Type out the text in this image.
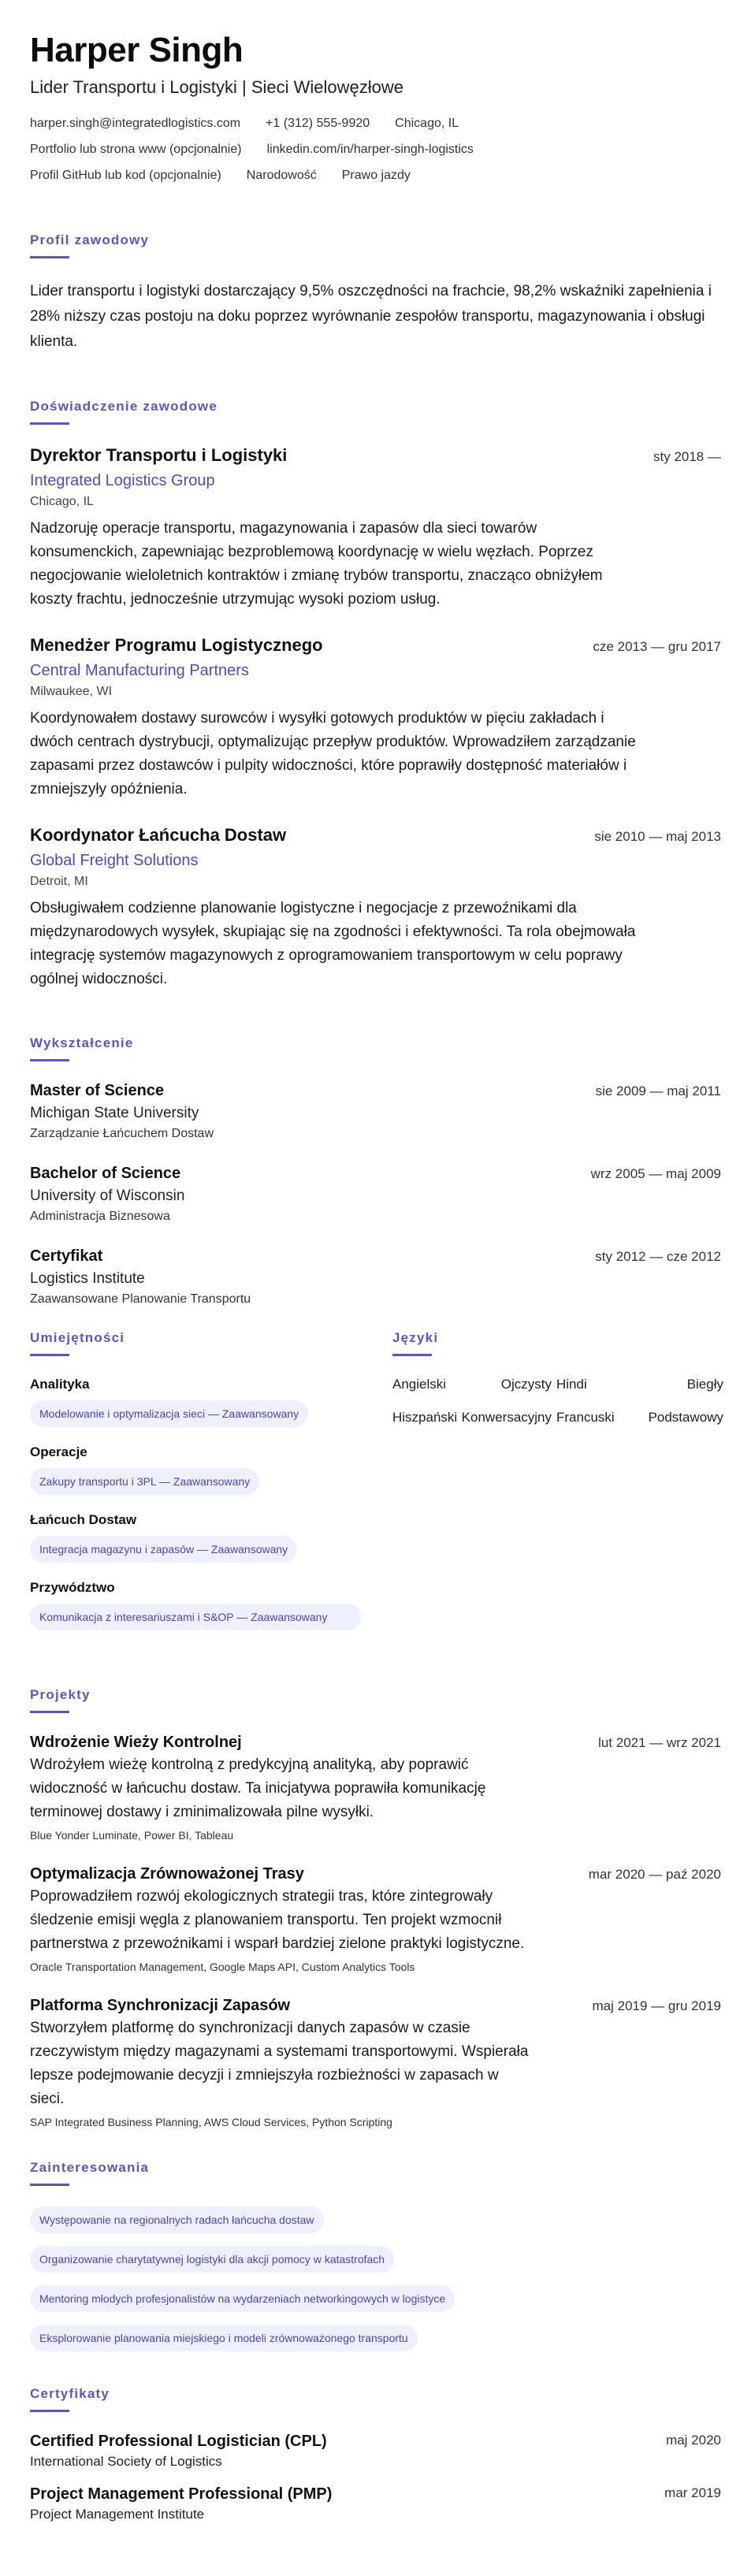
Harper Singh
Lider Transportu i Logistyki | Sieci Wielowęzłowe
harper.singh@integratedlogistics.com +1 (312) 555-9920 Chicago, IL
Portfolio lub strona www (opcjonalnie) linkedin.com/in/harper-singh-logistics
Profil GitHub lub kod (opcjonalnie) Narodowość Prawo jazdy
Profil zawodowy
Lider transportu i logistyki dostarczający 9,5% oszczędności na frachcie, 98,2% wskaźniki zapełnienia i 28% niższy czas postoju na doku poprzez wyrównanie zespołów transportu, magazynowania i obsługi klienta.
Doświadczenie zawodowe
Dyrektor Transportu i Logistyki	sty 2018 —
Integrated Logistics Group
Chicago, IL
Nadzoruję operacje transportu, magazynowania i zapasów dla sieci towarów konsumenckich, zapewniając bezproblemową koordynację w wielu węzłach. Poprzez negocjowanie wieloletnich kontraktów i zmianę trybów transportu, znacząco obniżyłem koszty frachtu, jednocześnie utrzymując wysoki poziom usług.
Menedżer Programu Logistycznego	cze 2013 — gru 2017
Central Manufacturing Partners
Milwaukee, WI
Koordynowałem dostawy surowców i wysyłki gotowych produktów w pięciu zakładach i dwóch centrach dystrybucji, optymalizując przepływ produktów. Wprowadziłem zarządzanie zapasami przez dostawców i pulpity widoczności, które poprawiły dostępność materiałów i zmniejszyły opóźnienia.
Koordynator Łańcucha Dostaw	sie 2010 — maj 2013
Global Freight Solutions
Detroit, MI
Obsługiwałem codzienne planowanie logistyczne i negocjacje z przewoźnikami dla międzynarodowych wysyłek, skupiając się na zgodności i efektywności. Ta rola obejmowała integrację systemów magazynowych z oprogramowaniem transportowym w celu poprawy ogólnej widoczności.
Wykształcenie
Master of Science	sie 2009 — maj 2011
Michigan State University
Zarządzanie Łańcuchem Dostaw
Bachelor of Science	wrz 2005 — maj 2009
University of Wisconsin
Administracja Biznesowa
Certyfikat	sty 2012 — cze 2012
Logistics Institute
Zaawansowane Planowanie Transportu
Umiejętności
Analityka
Modelowanie i optymalizacja sieci — Zaawansowany
Operacje
Zakupy transportu i 3PL — Zaawansowany
Łańcuch Dostaw
Integracja magazynu i zapasów — Zaawansowany
Przywództwo
Komunikacja z interesariuszami i S&OP — Zaawansowany
Języki
Angielski	Ojczysty Hindi	Biegły
Hiszpański Konwersacyjny Francuski	Podstawowy
Projekty
Wdrożenie Wieży Kontrolnej	lut 2021 — wrz 2021
Wdrożyłem wieżę kontrolną z predykcyjną analityką, aby poprawić widoczność w łańcuchu dostaw. Ta inicjatywa poprawiła komunikację terminowej dostawy i zminimalizowała pilne wysyłki.
Blue Yonder Luminate, Power BI, Tableau
Optymalizacja Zrównoważonej Trasy	mar 2020 — paź 2020
Poprowadziłem rozwój ekologicznych strategii tras, które zintegrowały śledzenie emisji węgla z planowaniem transportu. Ten projekt wzmocnił partnerstwa z przewoźnikami i wsparł bardziej zielone praktyki logistyczne.
Oracle Transportation Management, Google Maps API, Custom Analytics Tools
Platforma Synchronizacji Zapasów	maj 2019 — gru 2019
Stworzyłem platformę do synchronizacji danych zapasów w czasie rzeczywistym między magazynami a systemami transportowymi. Wspierała lepsze podejmowanie decyzji i zmniejszyła rozbieżności w zapasach w sieci.
SAP Integrated Business Planning, AWS Cloud Services, Python Scripting
Zainteresowania
Występowanie na regionalnych radach łańcucha dostaw
Organizowanie charytatywnej logistyki dla akcji pomocy w katastrofach
Mentoring młodych profesjonalistów na wydarzeniach networkingowych w logistyce
Eksplorowanie planowania miejskiego i modeli zrównoważonego transportu
Certyfikaty
Certified Professional Logistician (CPL)
International Society of Logistics
maj 2020
Project Management Professional (PMP)
Project Management Institute
mar 2019
